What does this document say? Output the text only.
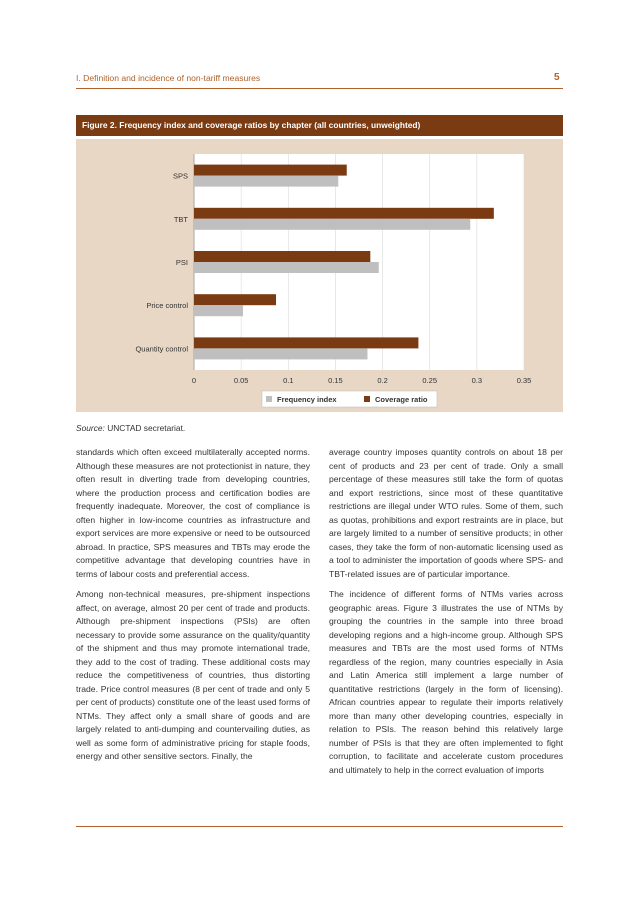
I. Definition and incidence of non-tariff measures	5
Figure 2. Frequency index and coverage ratios by chapter (all countries, unweighted)
SPS
TBT
PSI
Price control
Quantity control
0	0.05	0.1	0.15	0.2	0.25	0.3	0.35
Frequency index	Coverage ratio
Source: UNCTAD secretariat.

standards which often exceed multilaterally accepted norms. Although these measures are not protectionist in nature, they often result in diverting trade from developing countries, where the production process and certification bodies are frequently inadequate. Moreover, the cost of compliance is often higher in low-income countries as infrastructure and export services are more expensive or need to be outsourced abroad. In practice, SPS measures and TBTs may erode the competitive advantage that developing countries have in terms of labour costs and preferential access.

Among non-technical measures, pre-shipment inspections affect, on average, almost 20 per cent of trade and products. Although pre-shipment inspections (PSIs) are often necessary to provide some assurance on the quality/quantity of the shipment and thus may promote international trade, they add to the cost of trading. These additional costs may reduce the competitiveness of countries, thus distorting trade. Price control measures (8 per cent of trade and only 5 per cent of products) constitute one of the least used forms of NTMs. They affect only a small share of goods and are largely related to anti-dumping and countervailing duties, as well as some form of administrative pricing for staple foods, energy and other sensitive sectors. Finally, the

average country imposes quantity controls on about 18 per cent of products and 23 per cent of trade. Only a small percentage of these measures still take the form of quotas and export restrictions, since most of these quantitative restrictions are illegal under WTO rules. Some of them, such as quotas, prohibitions and export restraints are in place, but are largely limited to a number of sensitive products; in other cases, they take the form of non-automatic licensing used as a tool to administer the importation of goods where SPS- and TBT-related issues are of particular importance.

The incidence of different forms of NTMs varies across geographic areas. Figure 3 illustrates the use of NTMs by grouping the countries in the sample into three broad developing regions and a high-income group. Although SPS measures and TBTs are the most used forms of NTMs regardless of the region, many countries especially in Asia and Latin America still implement a large number of quantitative restrictions (largely in the form of licensing). African countries appear to regulate their imports relatively more than many other developing countries, especially in relation to PSIs. The reason behind this relatively large number of PSIs is that they are often implemented to fight corruption, to facilitate and accelerate custom procedures and ultimately to help in the correct evaluation of imports
